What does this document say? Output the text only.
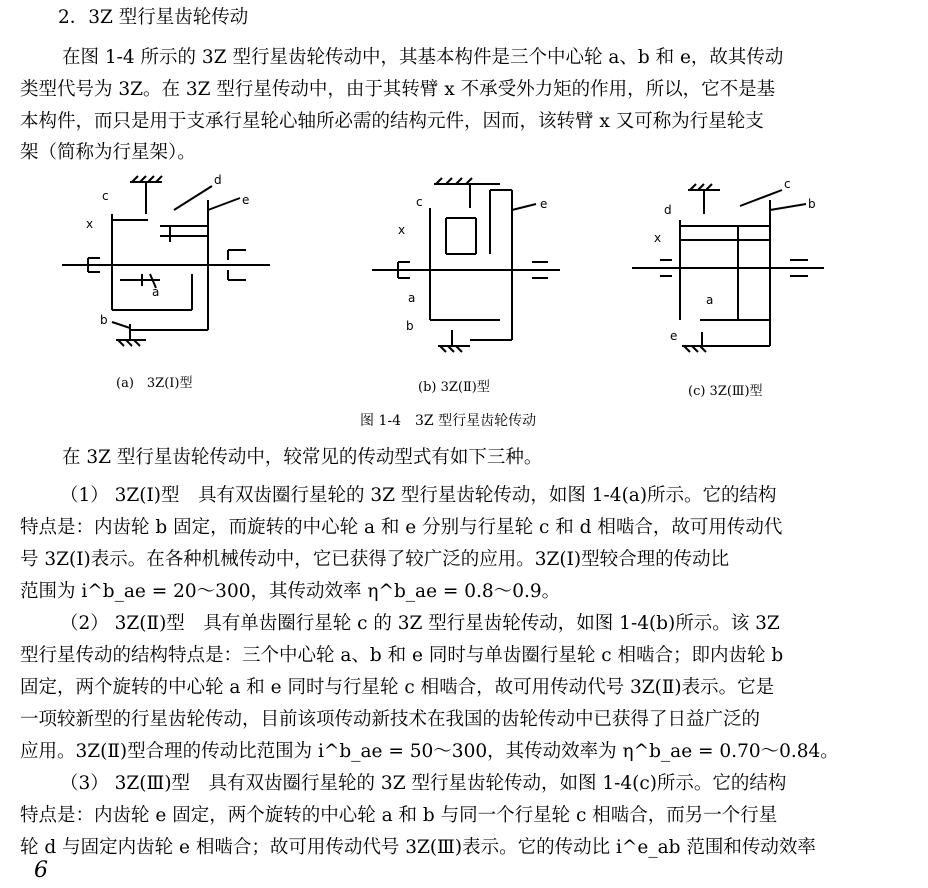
2．3Z 型行星齿轮传动
在图 1-4 所示的 3Z 型行星齿轮传动中，其基本构件是三个中心轮 a、b 和 e，故其传动
类型代号为 3Z。在 3Z 型行星传动中，由于其转臂 x 不承受外力矩的作用，所以，它不是基
本构件，而只是用于支承行星轮心轴所必需的结构元件，因而，该转臂 x 又可称为行星轮支
架（简称为行星架）。
c
d
e
x
a
b
c	e
x
a
b
c
d	b
x
a
e
(a)　3Z(Ⅰ)型	(b) 3Z(Ⅱ)型	(c) 3Z(Ⅲ)型
图 1-4　3Z 型行星齿轮传动
在 3Z 型行星齿轮传动中，较常见的传动型式有如下三种。
（1） 3Z(Ⅰ)型　具有双齿圈行星轮的 3Z 型行星齿轮传动，如图 1-4(a)所示。它的结构
特点是：内齿轮 b 固定，而旋转的中心轮 a 和 e 分别与行星轮 c 和 d 相啮合，故可用传动代
号 3Z(Ⅰ)表示。在各种机械传动中，它已获得了较广泛的应用。3Z(Ⅰ)型较合理的传动比
范围为 i^b_ae = 20～300，其传动效率 η^b_ae = 0.8～0.9。
（2） 3Z(Ⅱ)型　具有单齿圈行星轮 c 的 3Z 型行星齿轮传动，如图 1-4(b)所示。该 3Z
型行星传动的结构特点是：三个中心轮 a、b 和 e 同时与单齿圈行星轮 c 相啮合；即内齿轮 b
固定，两个旋转的中心轮 a 和 e 同时与行星轮 c 相啮合，故可用传动代号 3Z(Ⅱ)表示。它是
一项较新型的行星齿轮传动，目前该项传动新技术在我国的齿轮传动中已获得了日益广泛的
应用。3Z(Ⅱ)型合理的传动比范围为 i^b_ae = 50～300，其传动效率为 η^b_ae = 0.70～0.84。
（3） 3Z(Ⅲ)型　具有双齿圈行星轮的 3Z 型行星齿轮传动，如图 1-4(c)所示。它的结构
特点是：内齿轮 e 固定，两个旋转的中心轮 a 和 b 与同一个行星轮 c 相啮合，而另一个行星
轮 d 与固定内齿轮 e 相啮合；故可用传动代号 3Z(Ⅲ)表示。它的传动比 i^e_ab 范围和传动效率
6
